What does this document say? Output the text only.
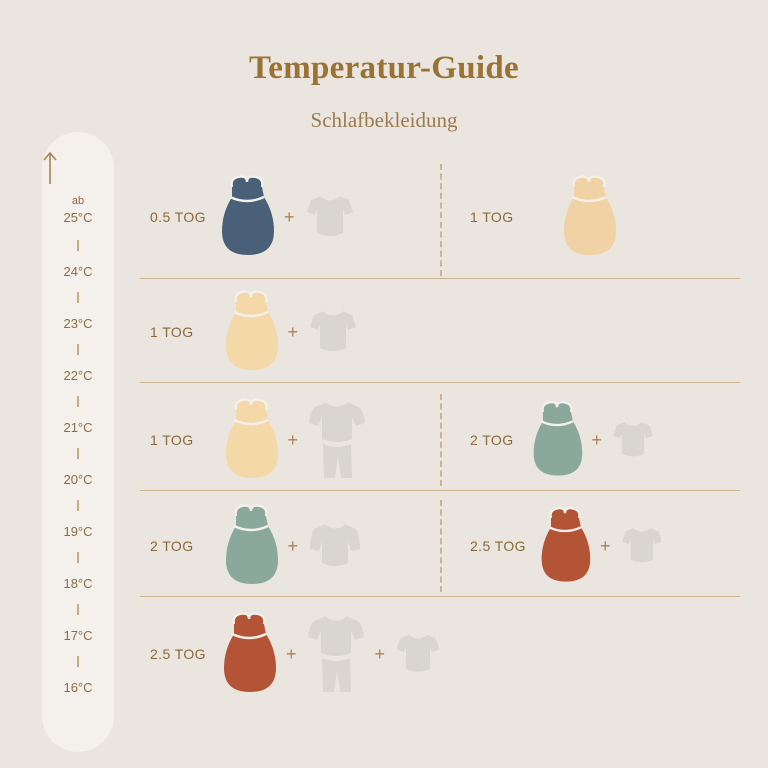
Temperatur-Guide
Schlafbekleidung
ab
25°C
24°C
23°C
22°C
21°C
20°C
19°C
18°C
17°C
16°C
0.5 TOG	+	1 TOG
1 TOG	+
1 TOG	+	2 TOG	+
2 TOG	+	2.5 TOG	+
2.5 TOG	+	+
